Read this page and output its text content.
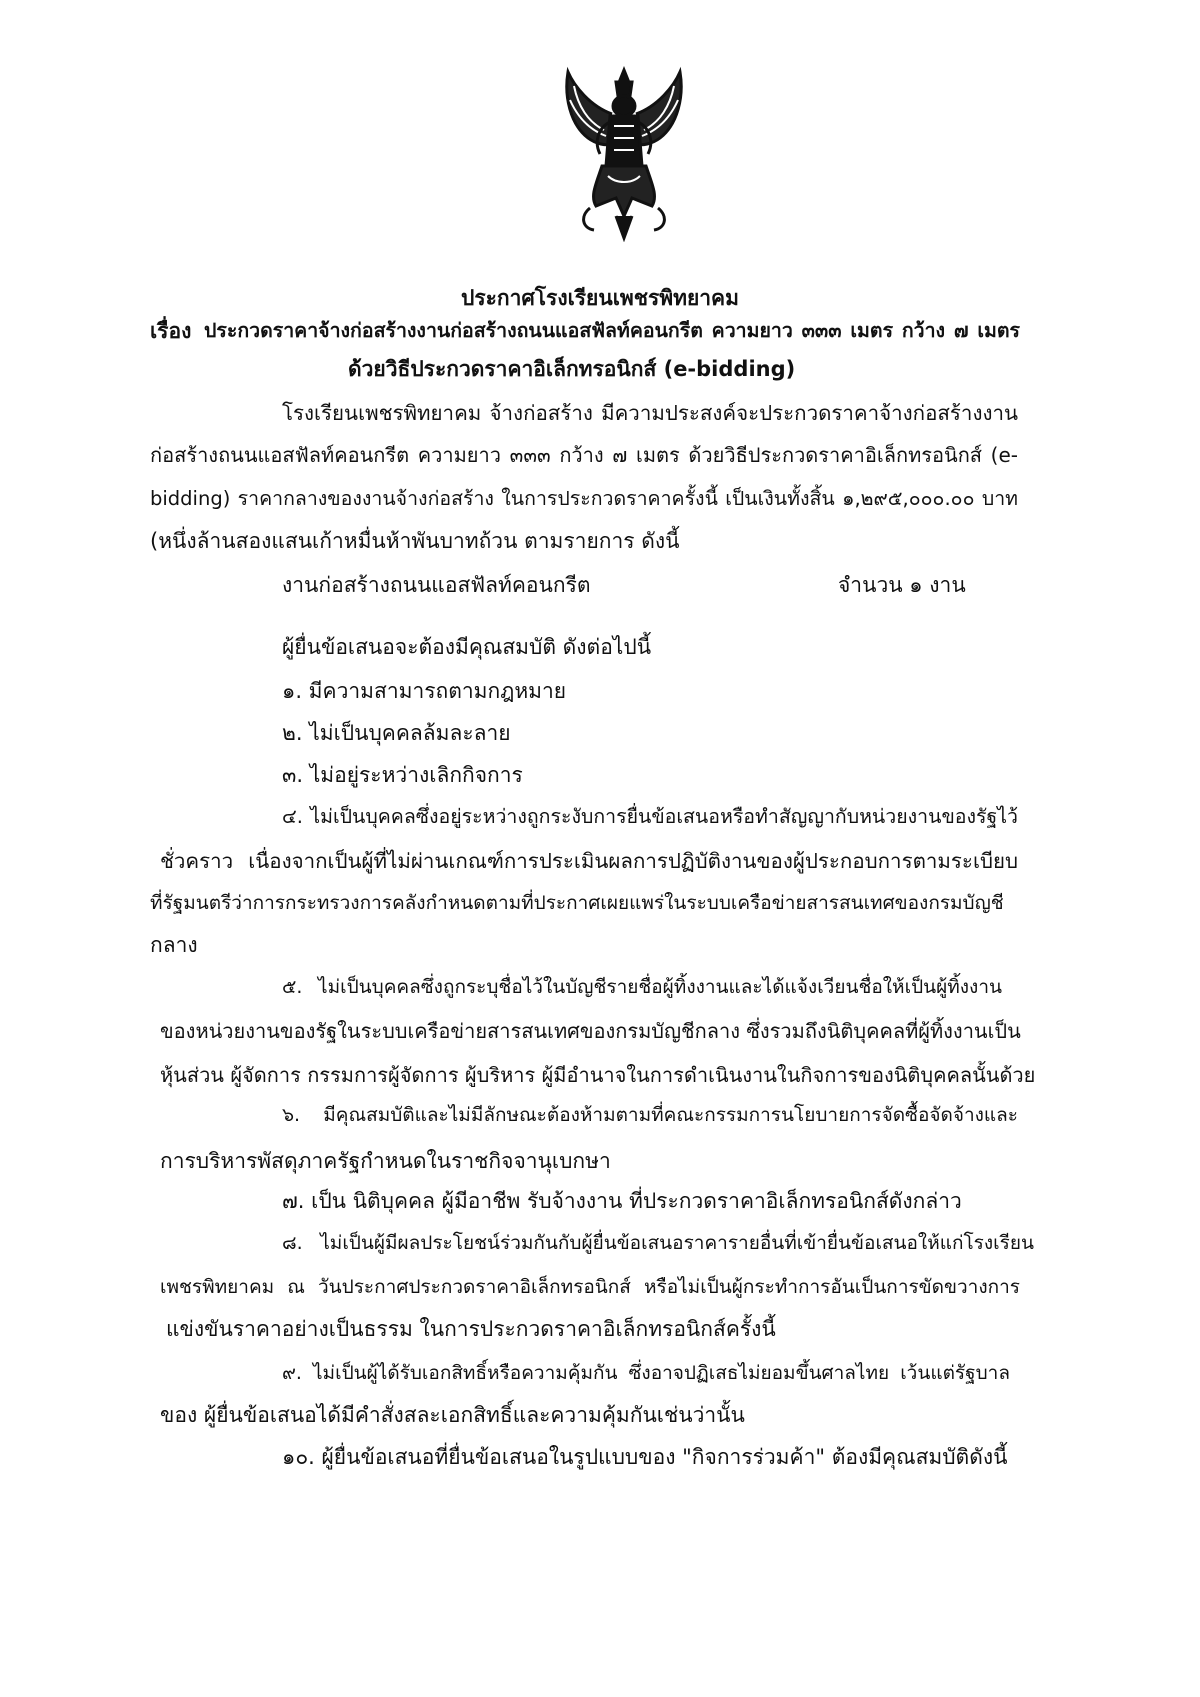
ประกาศโรงเรียนเพชรพิทยาคม
เรื่อง ประกวดราคาจ้างก่อสร้างงานก่อสร้างถนนแอสฟัลท์คอนกรีต ความยาว ๓๓๓ เมตร กว้าง ๗ เมตร
ด้วยวิธีประกวดราคาอิเล็กทรอนิกส์ (e-bidding)
โรงเรียนเพชรพิทยาคม จ้างก่อสร้าง มีความประสงค์จะประกวดราคาจ้างก่อสร้างงาน
ก่อสร้างถนนแอสฟัลท์คอนกรีต ความยาว ๓๓๓ กว้าง ๗ เมตร ด้วยวิธีประกวดราคาอิเล็กทรอนิกส์ (e-
bidding) ราคากลางของงานจ้างก่อสร้าง ในการประกวดราคาครั้งนี้ เป็นเงินทั้งสิ้น ๑,๒๙๕,๐๐๐.๐๐ บาท
(หนึ่งล้านสองแสนเก้าหมื่นห้าพันบาทถ้วน ตามรายการ ดังนี้
งานก่อสร้างถนนแอสฟัลท์คอนกรีต	จำนวน ๑ งาน
ผู้ยื่นข้อเสนอจะต้องมีคุณสมบัติ ดังต่อไปนี้
๑. มีความสามารถตามกฎหมาย
๒. ไม่เป็นบุคคลล้มละลาย
๓. ไม่อยู่ระหว่างเลิกกิจการ
๔. ไม่เป็นบุคคลซึ่งอยู่ระหว่างถูกระงับการยื่นข้อเสนอหรือทำสัญญากับหน่วยงานของรัฐไว้
ชั่วคราว เนื่องจากเป็นผู้ที่ไม่ผ่านเกณฑ์การประเมินผลการปฏิบัติงานของผู้ประกอบการตามระเบียบ
ที่รัฐมนตรีว่าการกระทรวงการคลังกำหนดตามที่ประกาศเผยแพร่ในระบบเครือข่ายสารสนเทศของกรมบัญชี
กลาง
๕. ไม่เป็นบุคคลซึ่งถูกระบุชื่อไว้ในบัญชีรายชื่อผู้ทิ้งงานและได้แจ้งเวียนชื่อให้เป็นผู้ทิ้งงาน
ของหน่วยงานของรัฐในระบบเครือข่ายสารสนเทศของกรมบัญชีกลาง ซึ่งรวมถึงนิติบุคคลที่ผู้ทิ้งงานเป็น
หุ้นส่วน ผู้จัดการ กรรมการผู้จัดการ ผู้บริหาร ผู้มีอำนาจในการดำเนินงานในกิจการของนิติบุคคลนั้นด้วย
๖. มีคุณสมบัติและไม่มีลักษณะต้องห้ามตามที่คณะกรรมการนโยบายการจัดซื้อจัดจ้างและ
การบริหารพัสดุภาครัฐกำหนดในราชกิจจานุเบกษา
๗. เป็น นิติบุคคล ผู้มีอาชีพ รับจ้างงาน ที่ประกวดราคาอิเล็กทรอนิกส์ดังกล่าว
๘. ไม่เป็นผู้มีผลประโยชน์ร่วมกันกับผู้ยื่นข้อเสนอราคารายอื่นที่เข้ายื่นข้อเสนอให้แก่โรงเรียน
เพชรพิทยาคม ณ วันประกาศประกวดราคาอิเล็กทรอนิกส์ หรือไม่เป็นผู้กระทำการอันเป็นการขัดขวางการ
แข่งขันราคาอย่างเป็นธรรม ในการประกวดราคาอิเล็กทรอนิกส์ครั้งนี้
๙. ไม่เป็นผู้ได้รับเอกสิทธิ์หรือความคุ้มกัน ซึ่งอาจปฏิเสธไม่ยอมขึ้นศาลไทย เว้นแต่รัฐบาล
ของ ผู้ยื่นข้อเสนอได้มีคำสั่งสละเอกสิทธิ์และความคุ้มกันเช่นว่านั้น
๑๐. ผู้ยื่นข้อเสนอที่ยื่นข้อเสนอในรูปแบบของ "กิจการร่วมค้า" ต้องมีคุณสมบัติดังนี้
